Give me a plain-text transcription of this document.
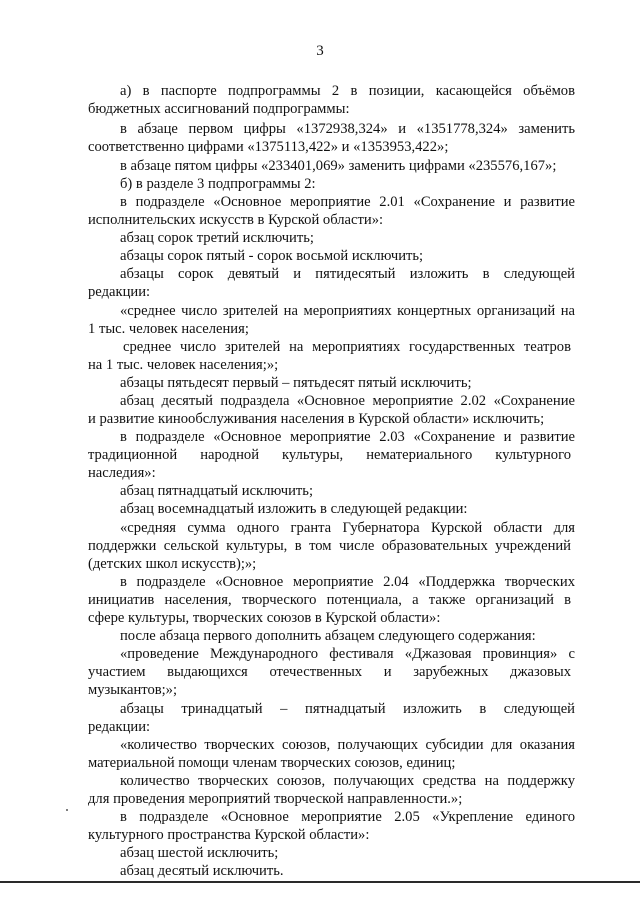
3
а) в паспорте подпрограммы 2 в позиции, касающейся объёмов
бюджетных ассигнований подпрограммы:
в абзаце первом цифры «1372938,324» и «1351778,324» заменить
соответственно цифрами «1375113,422» и «1353953,422»;
в абзаце пятом цифры «233401,069» заменить цифрами «235576,167»;
б) в разделе 3 подпрограммы 2:
в подразделе «Основное мероприятие 2.01 «Сохранение и развитие
исполнительских искусств в Курской области»:
абзац сорок третий исключить;
абзацы сорок пятый - сорок восьмой исключить;
абзацы сорок девятый и пятидесятый изложить в следующей
редакции:
«среднее число зрителей на мероприятиях концертных организаций на
1 тыс. человек населения;
среднее число зрителей на мероприятиях государственных театров
на 1 тыс. человек населения;»;
абзацы пятьдесят первый – пятьдесят пятый исключить;
абзац десятый подраздела «Основное мероприятие 2.02 «Сохранение
и развитие кинообслуживания населения в Курской области» исключить;
в подразделе «Основное мероприятие 2.03 «Сохранение и развитие
традиционной народной культуры, нематериального культурного
наследия»:
абзац пятнадцатый исключить;
абзац восемнадцатый изложить в следующей редакции:
«средняя сумма одного гранта Губернатора Курской области для
поддержки сельской культуры, в том числе образовательных учреждений
(детских школ искусств);»;
в подразделе «Основное мероприятие 2.04 «Поддержка творческих
инициатив населения, творческого потенциала, а также организаций в
сфере культуры, творческих союзов в Курской области»:
после абзаца первого дополнить абзацем следующего содержания:
«проведение Международного фестиваля «Джазовая провинция» с
участием выдающихся отечественных и зарубежных джазовых
музыкантов;»;
абзацы тринадцатый – пятнадцатый изложить в следующей
редакции:
«количество творческих союзов, получающих субсидии для оказания
материальной помощи членам творческих союзов, единиц;
количество творческих союзов, получающих средства на поддержку
для проведения мероприятий творческой направленности.»;
в подразделе «Основное мероприятие 2.05 «Укрепление единого
культурного пространства Курской области»:
абзац шестой исключить;
абзац десятый исключить.
